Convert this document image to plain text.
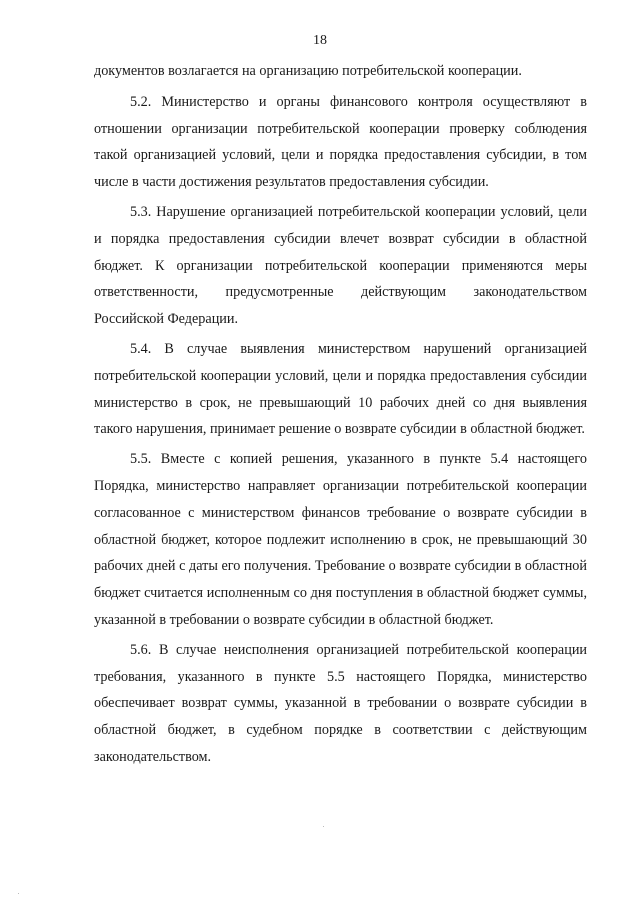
18

документов возлагается на организацию потребительской кооперации.

5.2. Министерство и органы финансового контроля осуществляют в отношении организации потребительской кооперации проверку соблюдения такой организацией условий, цели и порядка предоставления субсидии, в том числе в части достижения результатов предоставления субсидии.

5.3. Нарушение организацией потребительской кооперации условий, цели и порядка предоставления субсидии влечет возврат субсидии в областной бюджет. К организации потребительской кооперации применяются меры ответственности, предусмотренные действующим законодательством Российской Федерации.

5.4. В случае выявления министерством нарушений организацией потребительской кооперации условий, цели и порядка предоставления субсидии министерство в срок, не превышающий 10 рабочих дней со дня выявления такого нарушения, принимает решение о возврате субсидии в областной бюджет.

5.5. Вместе с копией решения, указанного в пункте 5.4 настоящего Порядка, министерство направляет организации потребительской кооперации согласованное с министерством финансов требование о возврате субсидии в областной бюджет, которое подлежит исполнению в срок, не превышающий 30 рабочих дней с даты его получения. Требование о возврате субсидии в областной бюджет считается исполненным со дня поступления в областной бюджет суммы, указанной в требовании о возврате субсидии в областной бюджет.

5.6. В случае неисполнения организацией потребительской кооперации требования, указанного в пункте 5.5 настоящего Порядка, министерство обеспечивает возврат суммы, указанной в требовании о возврате субсидии в областной бюджет, в судебном порядке в соответствии с действующим законодательством.
